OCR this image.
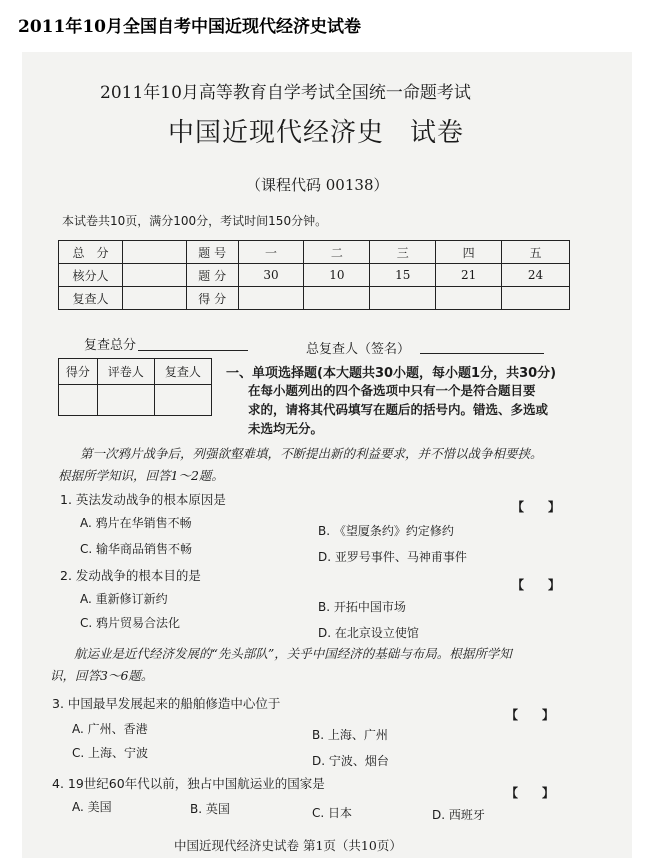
2011年10月全国自考中国近现代经济史试卷
2011年10月高等教育自学考试全国统一命题考试
中国近现代经济史 试卷
（课程代码 00138）
本试卷共10页，满分100分，考试时间150分钟。
总　分		题 号	一	二	三	四	五
核分人		题 分	30	10	15	21	24
复查人		得 分					
复查总分	总复查人（签名）
得分	评卷人	复查人
		一、单项选择题(本大题共30小题，每小题1分，共30分)
在每小题列出的四个备选项中只有一个是符合题目要
求的，请将其代码填写在题后的括号内。错选、多选或
未选均无分。
第一次鸦片战争后，列强欲壑难填，不断提出新的利益要求，并不惜以战争相要挟。
根据所学知识，回答1～2题。
1. 英法发动战争的根本原因是	【　　】
A. 鸦片在华销售不畅
B. 《望厦条约》约定修约
C. 输华商品销售不畅
D. 亚罗号事件、马神甫事件
2. 发动战争的根本目的是
【　　】
A. 重新修订新约
B. 开拓中国市场
C. 鸦片贸易合法化
D. 在北京设立使馆
航运业是近代经济发展的“先头部队”，关乎中国经济的基础与布局。根据所学知
识，回答3～6题。
3. 中国最早发展起来的船舶修造中心位于
【　　】
A. 广州、香港	B. 上海、广州
C. 上海、宁波
D. 宁波、烟台
4. 19世纪60年代以前，独占中国航运业的国家是
【　　】
A. 美国	B. 英国	C. 日本	D. 西班牙
中国近现代经济史试卷 第1页（共10页）
